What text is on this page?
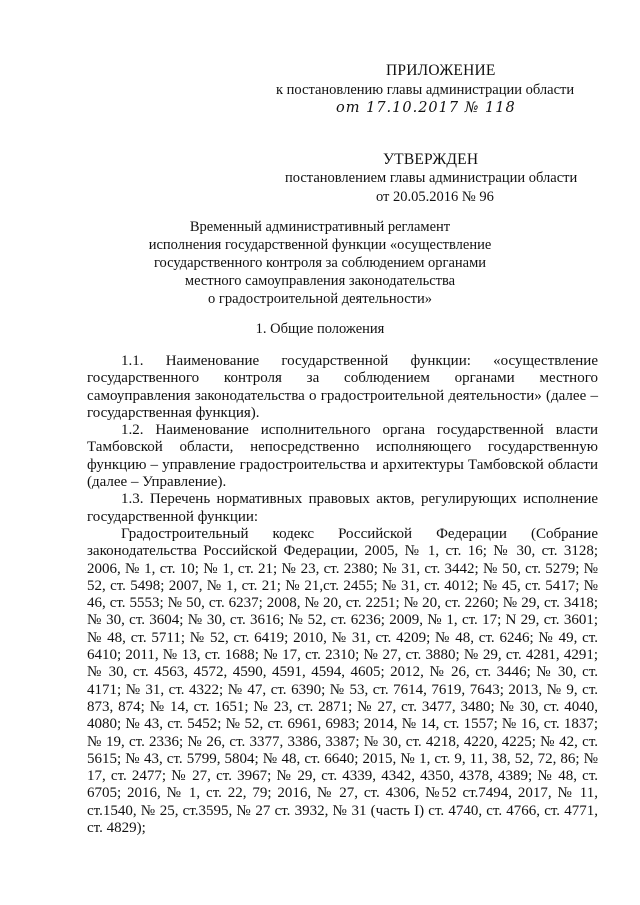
ПРИЛОЖЕНИЕ
к постановлению главы администрации области
от 17.10.2017 № 118
УТВЕРЖДЕН
постановлением главы администрации области
от 20.05.2016 № 96
Временный административный регламент
исполнения государственной функции «осуществление
государственного контроля за соблюдением органами
местного самоуправления законодательства
о градостроительной деятельности»
1. Общие положения

1.1. Наименование государственной функции: «осуществление государственного контроля за соблюдением органами местного самоуправления законодательства о градостроительной деятельности» (далее – государственная функция).

1.2. Наименование исполнительного органа государственной власти Тамбовской области, непосредственно исполняющего государственную функцию – управление градостроительства и архитектуры Тамбовской области (далее – Управление).

1.3. Перечень нормативных правовых актов, регулирующих исполнение государственной функции:

Градостроительный кодекс Российской Федерации (Собрание законодательства Российской Федерации, 2005, № 1, ст. 16; № 30, ст. 3128; 2006, № 1, ст. 10; № 1, ст. 21; № 23, ст. 2380; № 31, ст. 3442; № 50, ст. 5279; № 52, ст. 5498; 2007, № 1, ст. 21; № 21,ст. 2455; № 31, ст. 4012; № 45, ст. 5417; № 46, ст. 5553; № 50, ст. 6237; 2008, № 20, ст. 2251; № 20, ст. 2260; № 29, ст. 3418; № 30, ст. 3604; № 30, ст. 3616; № 52, ст. 6236; 2009, № 1, ст. 17; N 29, ст. 3601; № 48, ст. 5711; № 52, ст. 6419; 2010, № 31, ст. 4209; № 48, ст. 6246; № 49, ст. 6410; 2011, № 13, ст. 1688; № 17, ст. 2310; № 27, ст. 3880; № 29, ст. 4281, 4291; № 30, ст. 4563, 4572, 4590, 4591, 4594, 4605; 2012, № 26, ст. 3446; № 30, ст. 4171; № 31, ст. 4322; № 47, ст. 6390; № 53, ст. 7614, 7619, 7643; 2013, № 9, ст. 873, 874; № 14, ст. 1651; № 23, ст. 2871; № 27, ст. 3477, 3480; № 30, ст. 4040, 4080; № 43, ст. 5452; № 52, ст. 6961, 6983; 2014, № 14, ст. 1557; № 16, ст. 1837; № 19, ст. 2336; № 26, ст. 3377, 3386, 3387; № 30, ст. 4218, 4220, 4225; № 42, ст. 5615; № 43, ст. 5799, 5804; № 48, ст. 6640; 2015, № 1, ст. 9, 11, 38, 52, 72, 86; № 17, ст. 2477; № 27, ст. 3967; № 29, ст. 4339, 4342, 4350, 4378, 4389; № 48, ст. 6705; 2016, № 1, ст. 22, 79; 2016, № 27, ст. 4306, №52 ст.7494, 2017, № 11, ст.1540, № 25, ст.3595, № 27 ст. 3932, № 31 (часть I) ст. 4740, ст. 4766, ст. 4771, ст. 4829);
